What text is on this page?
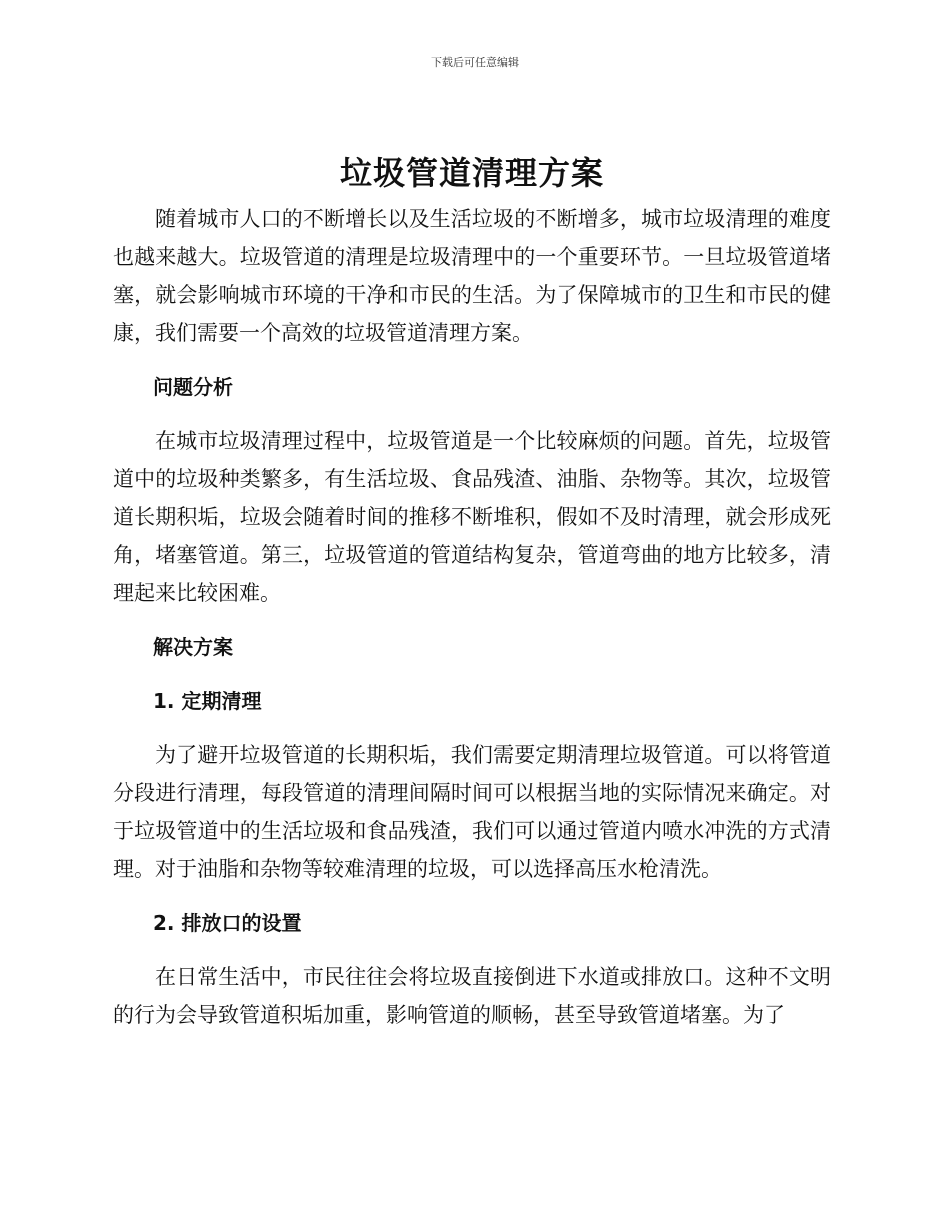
下载后可任意编辑
垃圾管道清理方案

随着城市人口的不断增长以及生活垃圾的不断增多，城市垃圾清理的难度也越来越大。垃圾管道的清理是垃圾清理中的一个重要环节。一旦垃圾管道堵塞，就会影响城市环境的干净和市民的生活。为了保障城市的卫生和市民的健康，我们需要一个高效的垃圾管道清理方案。

问题分析

在城市垃圾清理过程中，垃圾管道是一个比较麻烦的问题。首先，垃圾管道中的垃圾种类繁多，有生活垃圾、食品残渣、油脂、杂物等。其次，垃圾管道长期积垢，垃圾会随着时间的推移不断堆积，假如不及时清理，就会形成死角，堵塞管道。第三，垃圾管道的管道结构复杂，管道弯曲的地方比较多，清理起来比较困难。

解决方案

1. 定期清理

为了避开垃圾管道的长期积垢，我们需要定期清理垃圾管道。可以将管道分段进行清理，每段管道的清理间隔时间可以根据当地的实际情况来确定。对于垃圾管道中的生活垃圾和食品残渣，我们可以通过管道内喷水冲洗的方式清理。对于油脂和杂物等较难清理的垃圾，可以选择高压水枪清洗。

2. 排放口的设置

在日常生活中，市民往往会将垃圾直接倒进下水道或排放口。这种不文明的行为会导致管道积垢加重，影响管道的顺畅，甚至导致管道堵塞。为了
